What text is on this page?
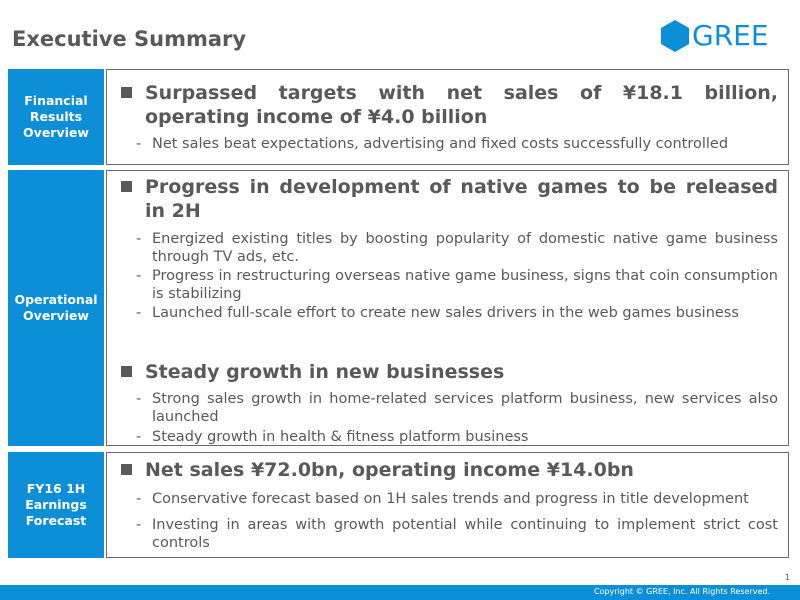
Executive Summary	GREE
Financial Results Overview
Surpassed targets with net sales of ¥18.1 billion, operating income of ¥4.0 billion
- Net sales beat expectations, advertising and fixed costs successfully controlled
Operational Overview
Progress in development of native games to be released in 2H
- Energized existing titles by boosting popularity of domestic native game business through TV ads, etc.
- Progress in restructuring overseas native game business, signs that coin consumption is stabilizing
- Launched full-scale effort to create new sales drivers in the web games business
Steady growth in new businesses
- Strong sales growth in home-related services platform business, new services also launched
- Steady growth in health & fitness platform business
FY16 1H Earnings Forecast
Net sales ¥72.0bn, operating income ¥14.0bn
- Conservative forecast based on 1H sales trends and progress in title development
- Investing in areas with growth potential while continuing to implement strict cost controls
1
Copyright © GREE, Inc. All Rights Reserved.
